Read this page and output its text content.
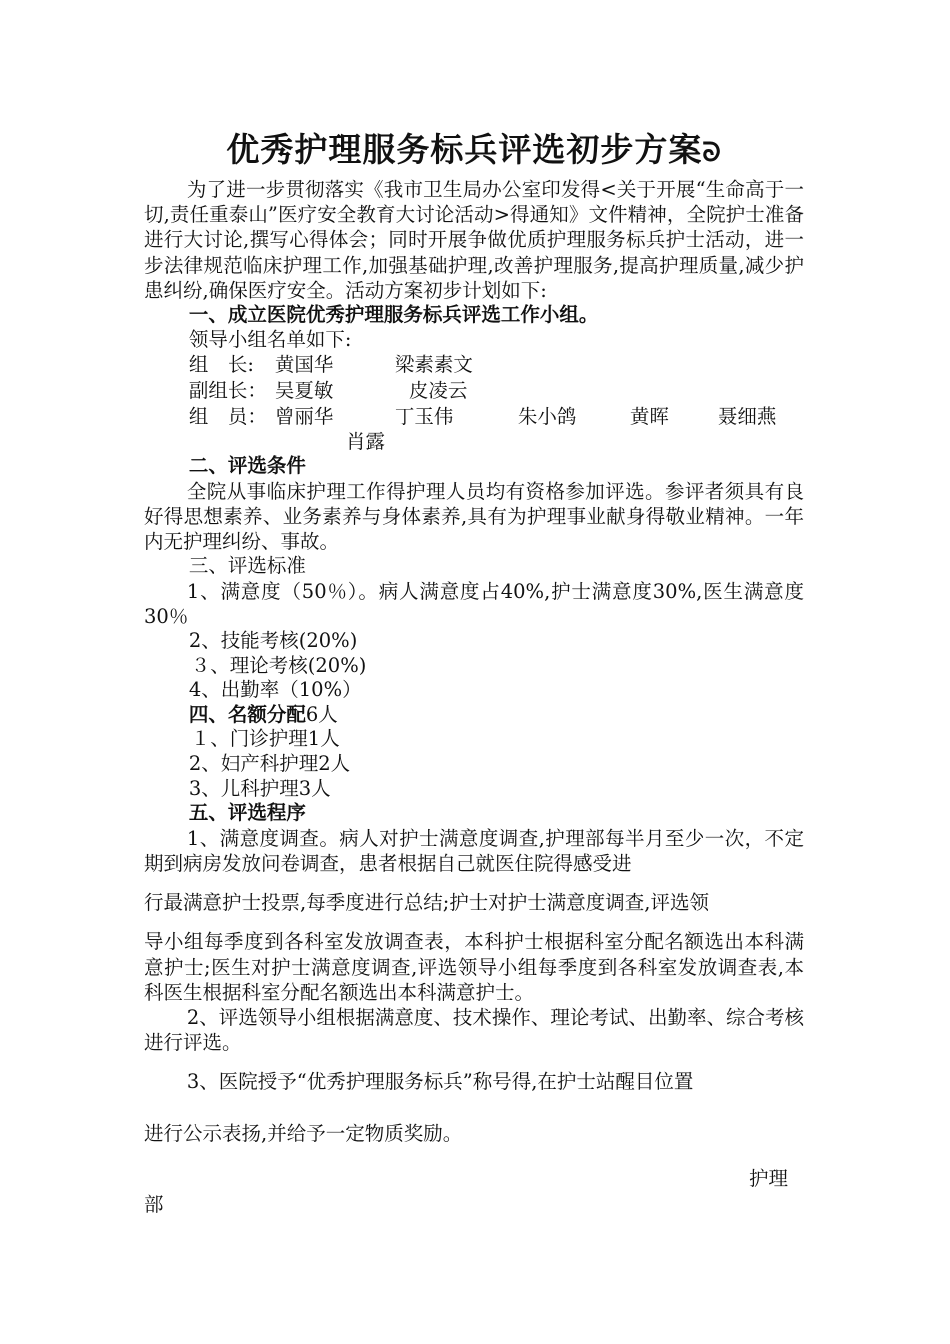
优秀护理服务标兵评选初步方案ᘐ

为了进一步贯彻落实《我市卫生局办公室印发得<关于开展“生命高于一切,责任重泰山”医疗安全教育大讨论活动>得通知》文件精神，全院护士准备进行大讨论,撰写心得体会；同时开展争做优质护理服务标兵护士活动，进一步法律规范临床护理工作,加强基础护理,改善护理服务,提高护理质量,减少护患纠纷,确保医疗安全。活动方案初步计划如下:

一、成立医院优秀护理服务标兵评选工作小组。

领导小组名单如下:

组　长:	黄国华	梁素素文
副组长： 吴夏敏	皮凌云
组　员： 曾丽华	丁玉伟	朱小鸽	黄晖	聂细燕

肖露

二、评选条件

全院从事临床护理工作得护理人员均有资格参加评选。参评者须具有良好得思想素养、业务素养与身体素养,具有为护理事业献身得敬业精神。一年内无护理纠纷、事故。

三、评选标准

1、满意度（50％）。病人满意度占40%,护士满意度30%,医生满意度30％

2、技能考核(20%)

３、理论考核(20%)

4、出勤率（10%）

四、名额分配6人

１、门诊护理1人

2、妇产科护理2人

3、儿科护理3人

五、评选程序

1、满意度调查。病人对护士满意度调查,护理部每半月至少一次，不定期到病房发放问卷调查，患者根据自己就医住院得感受进

行最满意护士投票,每季度进行总结;护士对护士满意度调查,评选领

导小组每季度到各科室发放调查表，本科护士根据科室分配名额选出本科满意护士;医生对护士满意度调查,评选领导小组每季度到各科室发放调查表,本科医生根据科室分配名额选出本科满意护士。

2、评选领导小组根据满意度、技术操作、理论考试、出勤率、综合考核进行评选。

3、医院授予“优秀护理服务标兵”称号得,在护士站醒目位置

进行公示表扬,并给予一定物质奖励。

护理

部
